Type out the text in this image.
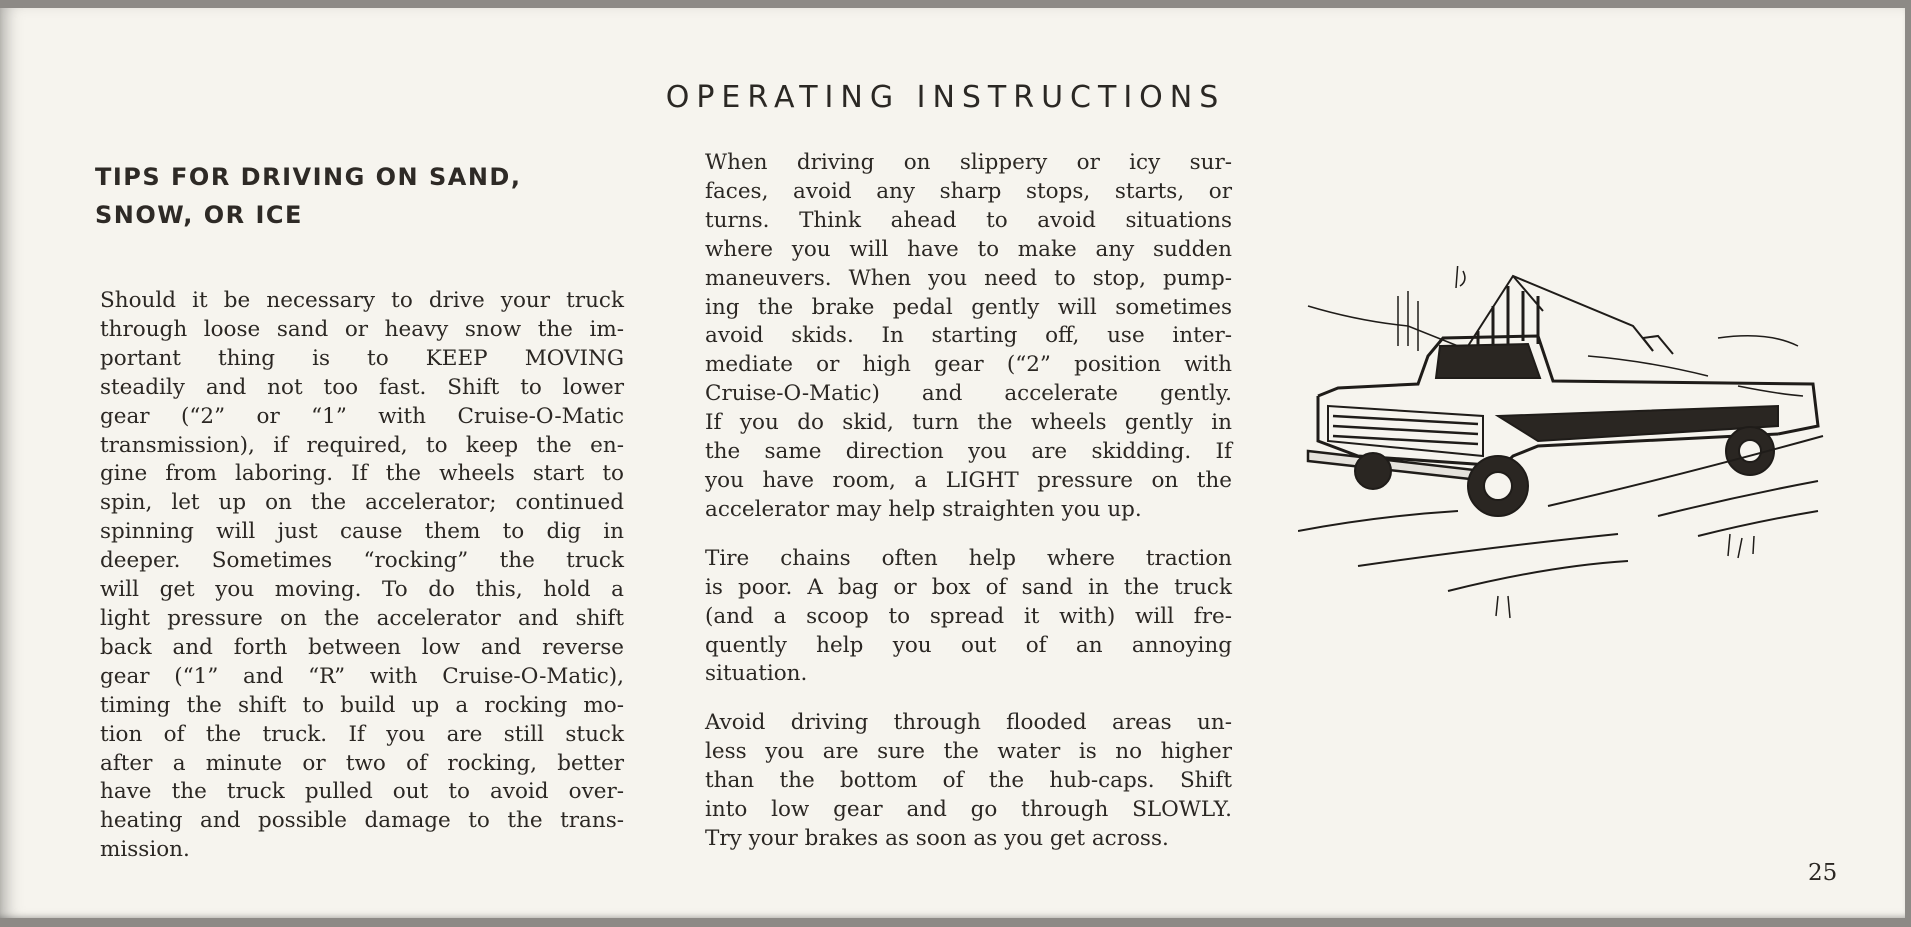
OPERATING INSTRUCTIONS
TIPS FOR DRIVING ON SAND,
SNOW, OR ICE
Should it be necessary to drive your truck
through loose sand or heavy snow the im-
portant thing is to KEEP MOVING
steadily and not too fast. Shift to lower
gear (“2” or “1” with Cruise-O-Matic
transmission), if required, to keep the en-
gine from laboring. If the wheels start to
spin, let up on the accelerator; continued
spinning will just cause them to dig in
deeper. Sometimes “rocking” the truck
will get you moving. To do this, hold a
light pressure on the accelerator and shift
back and forth between low and reverse
gear (“1” and “R” with Cruise-O-Matic),
timing the shift to build up a rocking mo-
tion of the truck. If you are still stuck
after a minute or two of rocking, better
have the truck pulled out to avoid over-
heating and possible damage to the trans-
mission.
When driving on slippery or icy sur-
faces, avoid any sharp stops, starts, or
turns. Think ahead to avoid situations
where you will have to make any sudden
maneuvers. When you need to stop, pump-
ing the brake pedal gently will sometimes
avoid skids. In starting off, use inter-
mediate or high gear (“2” position with
Cruise-O-Matic) and accelerate gently.
If you do skid, turn the wheels gently in
the same direction you are skidding. If
you have room, a LIGHT pressure on the
accelerator may help straighten you up.
Tire chains often help where traction
is poor. A bag or box of sand in the truck
(and a scoop to spread it with) will fre-
quently help you out of an annoying
situation.
Avoid driving through flooded areas un-
less you are sure the water is no higher
than the bottom of the hub-caps. Shift
into low gear and go through SLOWLY.
Try your brakes as soon as you get across.
25
